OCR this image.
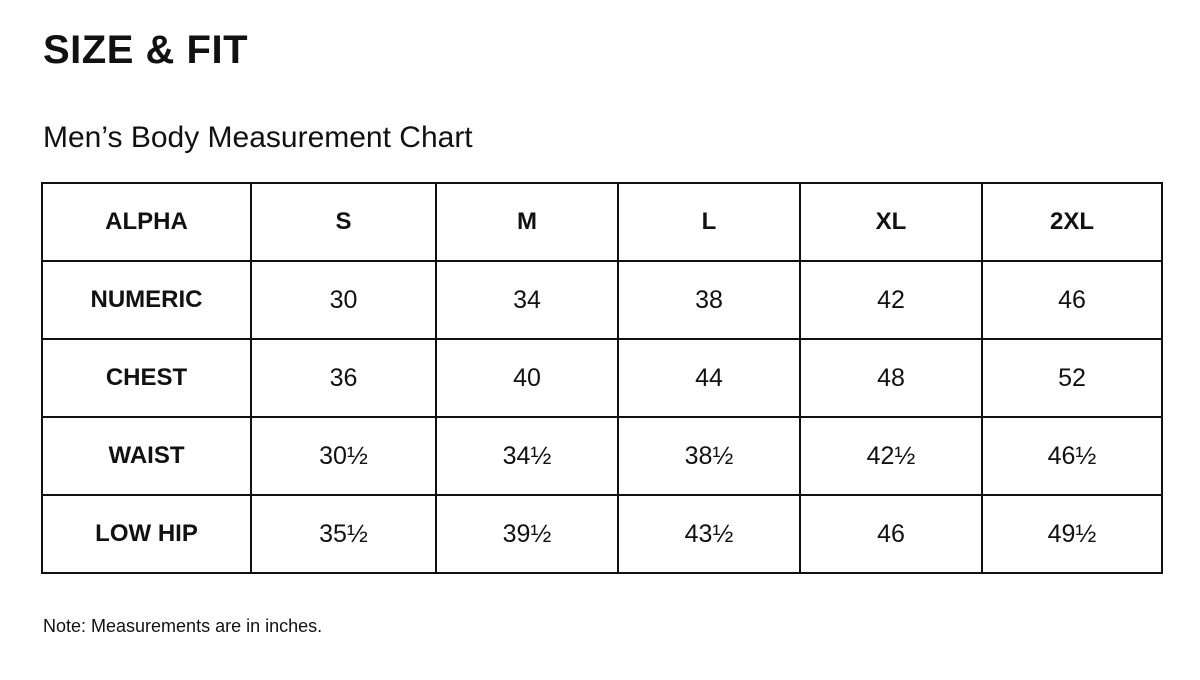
SIZE & FIT
Men’s Body Measurement Chart
ALPHA	S	M	L	XL	2XL
NUMERIC	30	34	38	42	46
CHEST	36	40	44	48	52
WAIST	30½	34½	38½	42½	46½
LOW HIP	35½	39½	43½	46	49½

Note: Measurements are in inches.
